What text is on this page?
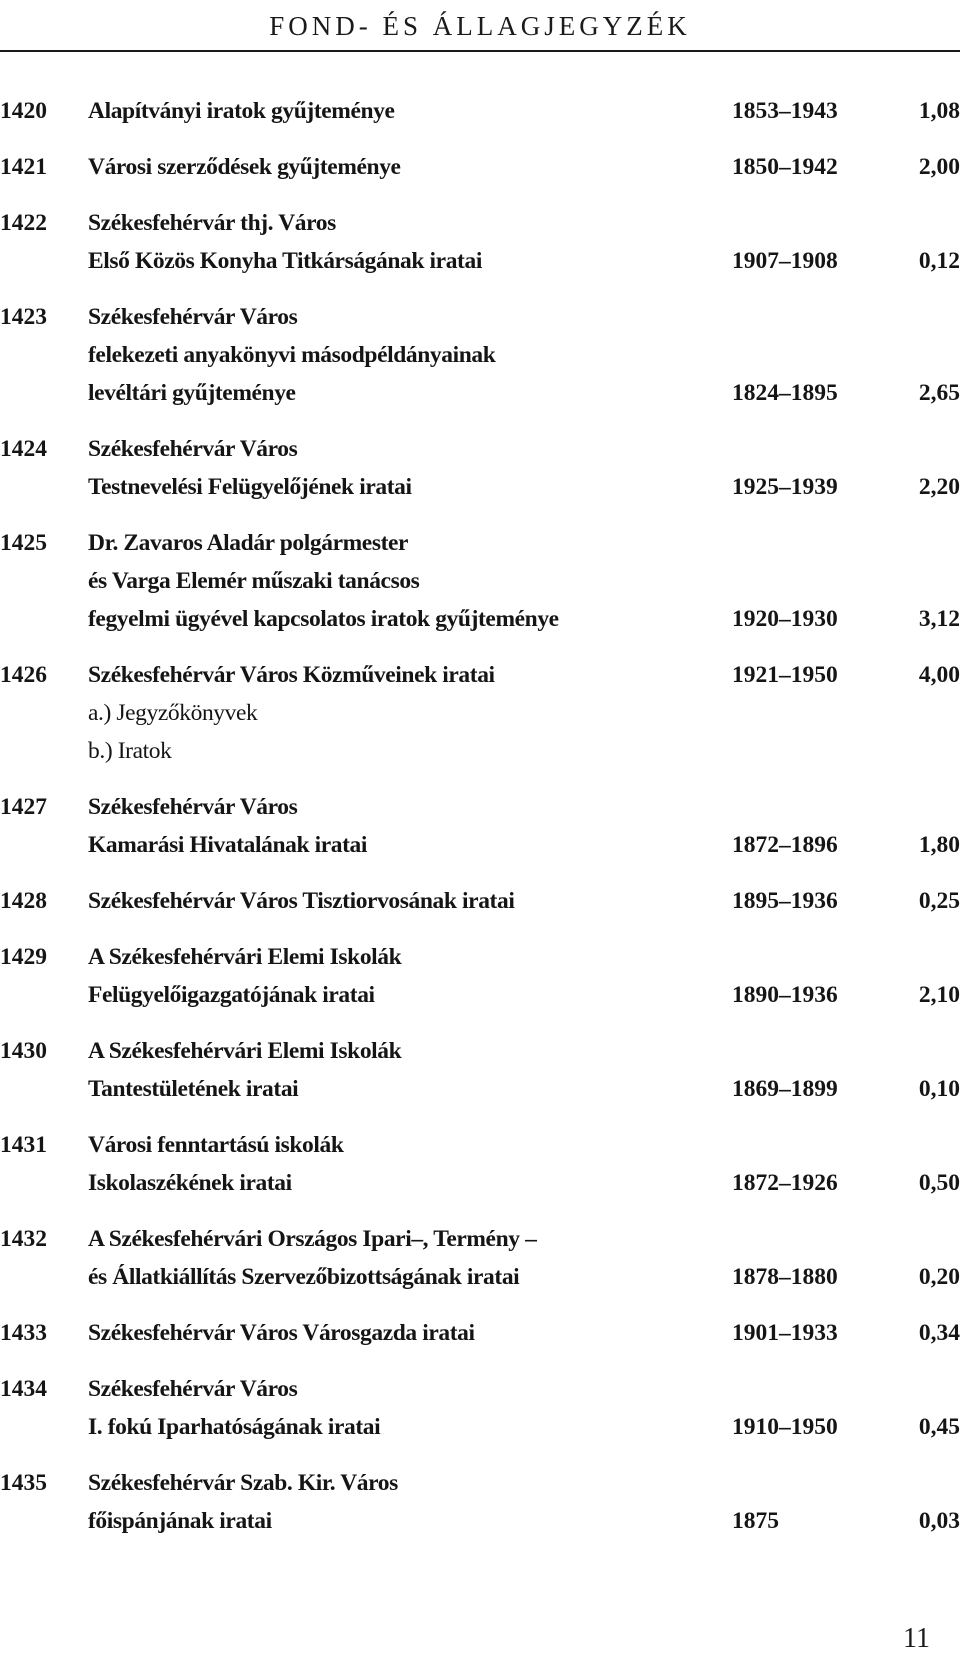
FOND- ÉS ÁLLAGJEGYZÉK
1420	Alapítványi iratok gyűjteménye	1853–1943	1,08
1421	Városi szerződések gyűjteménye	1850–1942	2,00
1422	Székesfehérvár thj. Város
Első Közös Konyha Titkárságának iratai	1907–1908	0,12
1423	Székesfehérvár Város
felekezeti anyakönyvi másodpéldányainak
levéltári gyűjteménye	1824–1895	2,65
1424	Székesfehérvár Város
Testnevelési Felügyelőjének iratai	1925–1939	2,20
1425	Dr. Zavaros Aladár polgármester
és Varga Elemér műszaki tanácsos
fegyelmi ügyével kapcsolatos iratok gyűjteménye	1920–1930	3,12
1426	Székesfehérvár Város Közműveinek iratai	1921–1950	4,00
a.) Jegyzőkönyvek
b.) Iratok
1427	Székesfehérvár Város
Kamarási Hivatalának iratai	1872–1896	1,80
1428	Székesfehérvár Város Tisztiorvosának iratai	1895–1936	0,25
1429	A Székesfehérvári Elemi Iskolák
Felügyelőigazgatójának iratai	1890–1936	2,10
1430	A Székesfehérvári Elemi Iskolák
Tantestületének iratai	1869–1899	0,10
1431	Városi fenntartású iskolák
Iskolaszékének iratai	1872–1926	0,50
1432	A Székesfehérvári Országos Ipari–, Termény –
és Állatkiállítás Szervezőbizottságának iratai	1878–1880	0,20
1433	Székesfehérvár Város Városgazda iratai	1901–1933	0,34
1434	Székesfehérvár Város
I. fokú Iparhatóságának iratai	1910–1950	0,45
1435	Székesfehérvár Szab. Kir. Város
főispánjának iratai	1875	0,03
11
